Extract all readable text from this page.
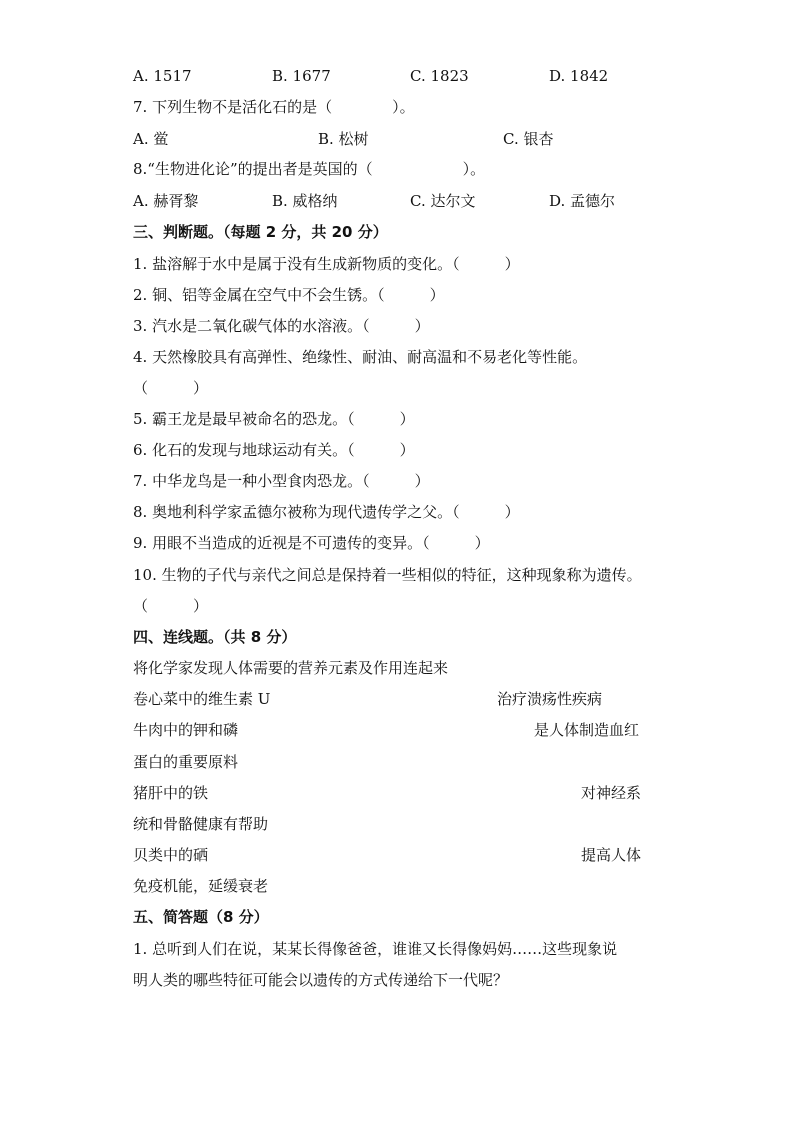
A. 1517	B. 1677	C. 1823	D. 1842
7. 下列生物不是活化石的是（　　　　）。
A. 鲎	B. 松树	C. 银杏
8.“生物进化论”的提出者是英国的（　　　　　　）。
A. 赫胥黎	B. 威格纳	C. 达尔文	D. 孟德尔
三、判断题。（每题 2 分，共 20 分）
1. 盐溶解于水中是属于没有生成新物质的变化。（　　　）
2. 铜、铝等金属在空气中不会生锈。（　　　）
3. 汽水是二氧化碳气体的水溶液。（　　　）
4. 天然橡胶具有高弹性、绝缘性、耐油、耐高温和不易老化等性能。
（　　　）
5. 霸王龙是最早被命名的恐龙。（　　　）
6. 化石的发现与地球运动有关。（　　　）
7. 中华龙鸟是一种小型食肉恐龙。（　　　）
8. 奥地利科学家孟德尔被称为现代遗传学之父。（　　　）
9. 用眼不当造成的近视是不可遗传的变异。（　　　）
10. 生物的子代与亲代之间总是保持着一些相似的特征，这种现象称为遗传。
（　　　）
四、连线题。（共 8 分）
将化学家发现人体需要的营养元素及作用连起来
卷心菜中的维生素 U	治疗溃疡性疾病
牛肉中的钾和磷	是人体制造血红
蛋白的重要原料
猪肝中的铁	对神经系
统和骨骼健康有帮助
贝类中的硒	提高人体
免疫机能，延缓衰老
五、简答题（8 分）
1. 总听到人们在说，某某长得像爸爸，谁谁又长得像妈妈……这些现象说
明人类的哪些特征可能会以遗传的方式传递给下一代呢？
